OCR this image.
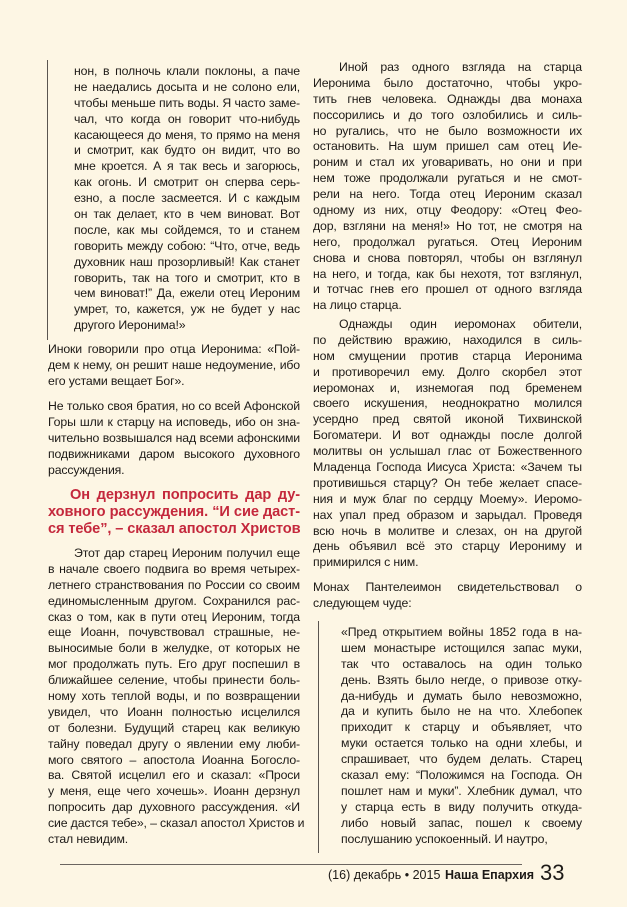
нон, в полночь клали поклоны, а паче
не наедались досыта и не солоно ели,
чтобы меньше пить воды. Я часто заме-
чал, что когда он говорит что-нибудь
касающееся до меня, то прямо на меня
и смотрит, как будто он видит, что во
мне кроется. А я так весь и загорюсь,
как огонь. И смотрит он сперва серь-
езно, а после засмеется. И с каждым
он так делает, кто в чем виноват. Вот
после, как мы сойдемся, то и станем
говорить между собою: “Что, отче, ведь
духовник наш прозорливый! Как станет
говорить, так на того и смотрит, кто в
чем виноват!” Да, ежели отец Иероним
умрет, то, кажется, уж не будет у нас
другого Иеронима!»
Иноки говорили про отца Иеронима: «Пой-
дем к нему, он решит наше недоумение, ибо
его устами вещает Бог».
Не только своя братия, но со всей Афонской
Горы шли к старцу на исповедь, ибо он зна-
чительно возвышался над всеми афонскими
подвижниками даром высокого духовного
рассуждения.
Он дерзнул попросить дар ду-
ховного рассуждения. “И сие даст-
ся тебе”, – сказал апостол Христов
Этот дар старец Иероним получил еще
в начале своего подвига во время четырех-
летнего странствования по России со своим
единомысленным другом. Сохранился рас-
сказ о том, как в пути отец Иероним, тогда
еще Иоанн, почувствовал страшные, не-
выносимые боли в желудке, от которых не
мог продолжать путь. Его друг поспешил в
ближайшее селение, чтобы принести боль-
ному хоть теплой воды, и по возвращении
увидел, что Иоанн полностью исцелился
от болезни. Будущий старец как великую
тайну поведал другу о явлении ему люби-
мого святого – апостола Иоанна Богосло-
ва. Святой исцелил его и сказал: «Проси
у меня, еще чего хочешь». Иоанн дерзнул
попросить дар духовного рассуждения. «И
сие дастся тебе», – сказал апостол Христов и
стал невидим.
Иной раз одного взгляда на старца
Иеронима было достаточно, чтобы укро-
тить гнев человека. Однажды два монаха
поссорились и до того озлобились и силь-
но ругались, что не было возможности их
остановить. На шум пришел сам отец Ие-
роним и стал их уговаривать, но они и при
нем тоже продолжали ругаться и не смот-
рели на него. Тогда отец Иероним сказал
одному из них, отцу Феодору: «Отец Фео-
дор, взгляни на меня!» Но тот, не смотря на
него, продолжал ругаться. Отец Иероним
снова и снова повторял, чтобы он взглянул
на него, и тогда, как бы нехотя, тот взглянул,
и тотчас гнев его прошел от одного взгляда
на лицо старца.
Однажды один иеромонах обители,
по действию вражию, находился в силь-
ном смущении против старца Иеронима
и противоречил ему. Долго скорбел этот
иеромонах и, изнемогая под бременем
своего искушения, неоднократно молился
усердно пред святой иконой Тихвинской
Богоматери. И вот однажды после долгой
молитвы он услышал глас от Божественного
Младенца Господа Иисуса Христа: «Зачем ты
противишься старцу? Он тебе желает спасе-
ния и муж благ по сердцу Моему». Иеромо-
нах упал пред образом и зарыдал. Проведя
всю ночь в молитве и слезах, он на другой
день объявил всё это старцу Иерониму и
примирился с ним.
Монах Пантелеимон свидетельствовал о
следующем чуде:
«Пред открытием войны 1852 года в на-
шем монастыре истощился запас муки,
так что оставалось на один только
день. Взять было негде, о привозе отку-
да-нибудь и думать было невозможно,
да и купить было не на что. Хлебопек
приходит к старцу и объявляет, что
муки остается только на одни хлебы, и
спрашивает, что будем делать. Старец
сказал ему: “Положимся на Господа. Он
пошлет нам и муки”. Хлебник думал, что
у старца есть в виду получить откуда-
либо новый запас, пошел к своему
послушанию успокоенный. И наутро,
(16) декабрь • 2015 Наша Епархия 33
